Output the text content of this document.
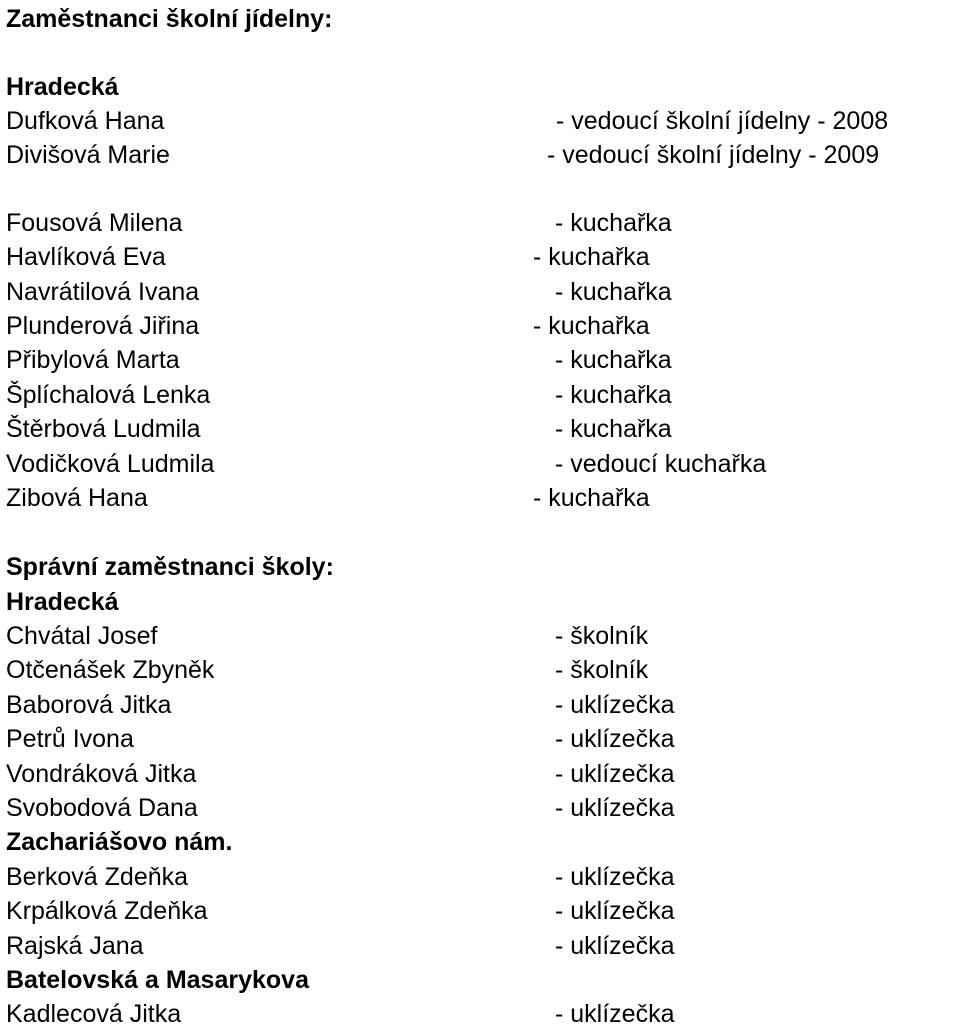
Zaměstnanci školní jídelny:
Hradecká
Dufková Hana	- vedoucí školní jídelny - 2008
Divišová Marie	- vedoucí školní jídelny - 2009
Fousová Milena	- kuchařka
Havlíková Eva	- kuchařka
Navrátilová Ivana	- kuchařka
Plunderová Jiřina	- kuchařka
Přibylová Marta	- kuchařka
Šplíchalová Lenka	- kuchařka
Štěrbová Ludmila	- kuchařka
Vodičková Ludmila	- vedoucí kuchařka
Zibová Hana	- kuchařka
Správní zaměstnanci školy:
Hradecká
Chvátal Josef	- školník
Otčenášek Zbyněk	- školník
Baborová Jitka	- uklízečka
Petrů Ivona	- uklízečka
Vondráková Jitka	- uklízečka
Svobodová Dana	- uklízečka
Zachariášovo nám.
Berková Zdeňka	- uklízečka
Krpálková Zdeňka	- uklízečka
Rajská Jana	- uklízečka
Batelovská a Masarykova
Kadlecová Jitka	- uklízečka
